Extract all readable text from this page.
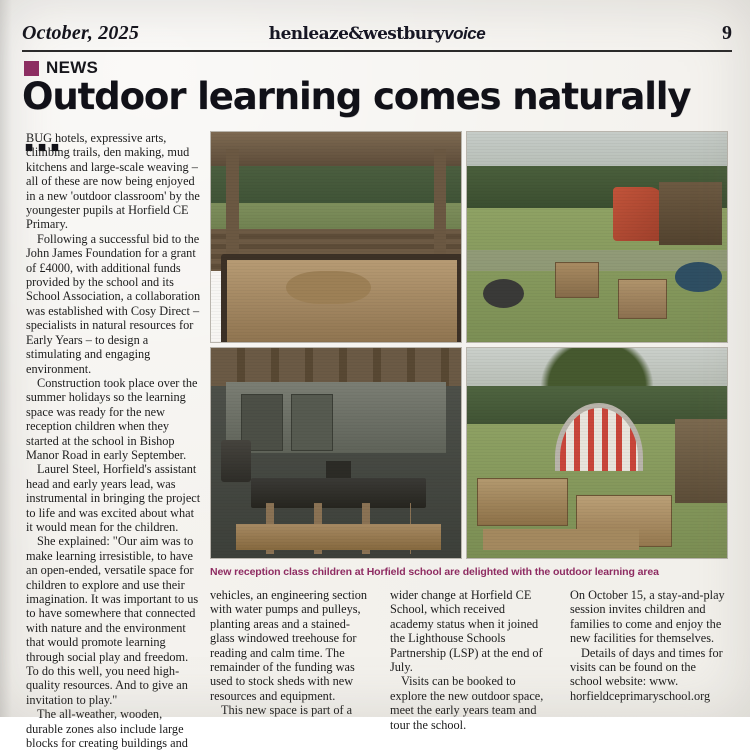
October, 2025	henleaze&westburyvoice	9
NEWS
Outdoor learning comes naturally ...

BUG hotels, expressive arts, climbing trails, den making, mud kitchens and large-scale weaving – all of these are now being enjoyed in a new 'outdoor classroom' by the youngester pupils at Horfield CE Primary.

Following a successful bid to the John James Foundation for a grant of £4000, with additional funds provided by the school and its School Association, a collaboration was established with Cosy Direct – specialists in natural resources for Early Years – to design a stimulating and engaging environment.

Construction took place over the summer holidays so the learning space was ready for the new reception children when they started at the school in Bishop Manor Road in early September.

Laurel Steel, Horfield's assistant head and early years lead, was instrumental in bringing the project to life and was excited about what it would mean for the children.

She explained: "Our aim was to make learning irresistible, to have an open-ended, versatile space for children to explore and use their imagination. It was important to us to have somewhere that connected with nature and the environment that would promote learning through social play and freedom. To do this well, you need high-quality resources. And to give an invitation to play."

The all-weather, wooden, durable zones also include large blocks for creating buildings and

New reception class children at Horfield school are delighted with the outdoor learning area

vehicles, an engineering section with water pumps and pulleys, planting areas and a stained-glass windowed treehouse for reading and calm time. The remainder of the funding was used to stock sheds with new resources and equipment.

This new space is part of a

wider change at Horfield CE School, which received academy status when it joined the Lighthouse Schools Partnership (LSP) at the end of July.

Visits can be booked to explore the new outdoor space, meet the early years team and tour the school.

On October 15, a stay-and-play session invites children and families to come and enjoy the new facilities for themselves.

Details of days and times for visits can be found on the school website: www. horfieldceprimaryschool.org
